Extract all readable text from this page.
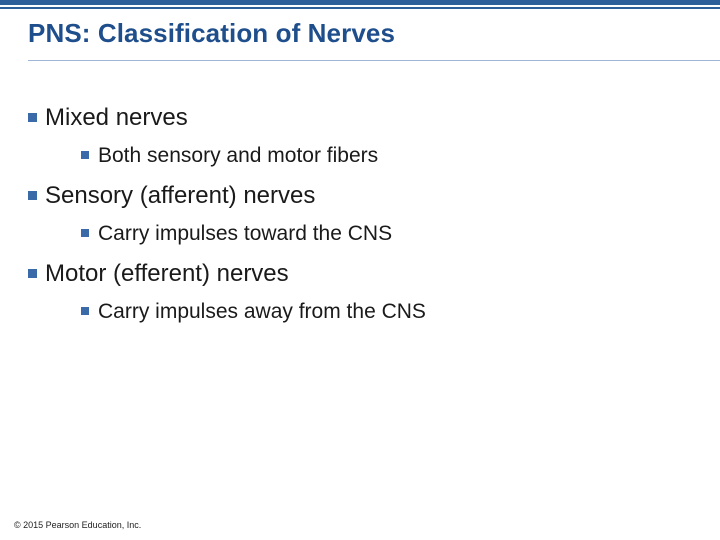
PNS: Classification of Nerves
Mixed nerves
Both sensory and motor fibers
Sensory (afferent) nerves
Carry impulses toward the CNS
Motor (efferent) nerves
Carry impulses away from the CNS
© 2015 Pearson Education, Inc.
